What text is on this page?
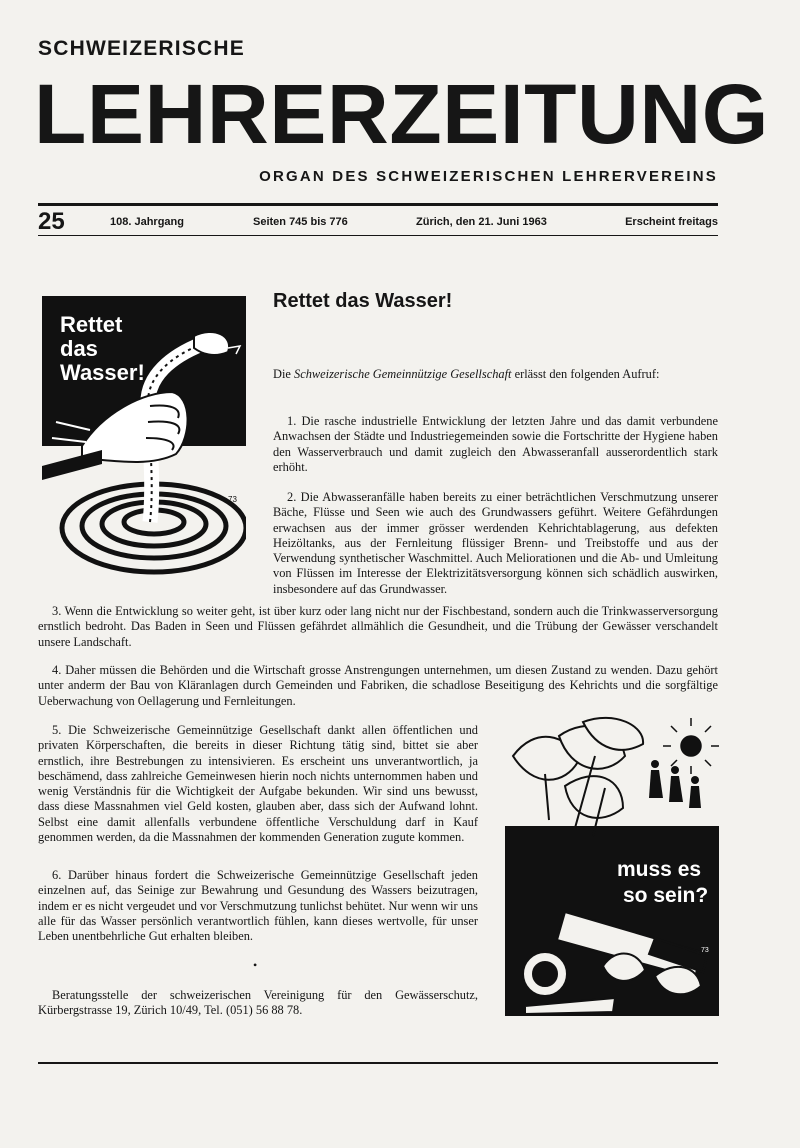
SCHWEIZERISCHE
LEHRERZEITUNG
ORGAN DES SCHWEIZERISCHEN LEHRERVEREINS
25	108. Jahrgang	Seiten 745 bis 776	Zürich, den 21. Juni 1963	Erscheint freitags
Rettet
das
Wasser!
73
Rettet das Wasser!

Die Schweizerische Gemeinnützige Gesellschaft erlässt den folgenden Aufruf:

1. Die rasche industrielle Entwicklung der letzten Jahre und das damit verbundene Anwachsen der Städte und Industriegemeinden sowie die Fortschritte der Hygiene haben den Wasserverbrauch und damit zugleich den Abwasseranfall ausserordentlich stark erhöht.

2. Die Abwasseranfälle haben bereits zu einer beträchtlichen Verschmutzung unserer Bäche, Flüsse und Seen wie auch des Grundwassers geführt. Weitere Gefährdungen erwachsen aus der immer grösser werdenden Kehrichtablagerung, aus defekten Heizöltanks, aus der Fernleitung flüssiger Brenn- und Treibstoffe und aus der Verwendung synthetischer Waschmittel. Auch Meliorationen und die Ab- und Umleitung von Flüssen im Interesse der Elektrizitätsversorgung können sich schädlich auswirken, insbesondere auf das Grundwasser.

3. Wenn die Entwicklung so weiter geht, ist über kurz oder lang nicht nur der Fischbestand, sondern auch die Trinkwasserversorgung ernstlich bedroht. Das Baden in Seen und Flüssen gefährdet allmählich die Gesundheit, und die Trübung der Gewässer verschandelt unsere Landschaft.

4. Daher müssen die Behörden und die Wirtschaft grosse Anstrengungen unternehmen, um diesen Zustand zu wenden. Dazu gehört unter anderm der Bau von Kläranlagen durch Gemeinden und Fabriken, die schadlose Beseitigung des Kehrichts und die sorgfältige Ueberwachung von Oellagerung und Fernleitungen.

5. Die Schweizerische Gemeinnützige Gesellschaft dankt allen öffentlichen und privaten Körperschaften, die bereits in dieser Richtung tätig sind, bittet sie aber ernstlich, ihre Bestrebungen zu intensivieren. Es erscheint uns unverantwortlich, ja beschämend, dass zahlreiche Gemeinwesen hierin noch nichts unternommen haben und wenig Verständnis für die Wichtigkeit der Aufgabe bekunden. Wir sind uns bewusst, dass diese Massnahmen viel Geld kosten, glauben aber, dass sich der Aufwand lohnt. Selbst eine damit allenfalls verbundene öffentliche Verschuldung darf in Kauf genommen werden, da die Massnahmen der kommenden Generation zugute kommen.

6. Darüber hinaus fordert die Schweizerische Gemeinnützige Gesellschaft jeden einzelnen auf, das Seinige zur Bewahrung und Gesundung des Wassers beizutragen, indem er es nicht vergeudet und vor Verschmutzung tunlichst behütet. Nur wenn wir uns alle für das Wasser persönlich verantwortlich fühlen, kann dieses wertvolle, für unser Leben unentbehrliche Gut erhalten bleiben.

•

Beratungsstelle der schweizerischen Vereinigung für den Gewässerschutz, Kürbergstrasse 19, Zürich 10/49, Tel. (051) 56 88 78.

muss es
so sein?
73
